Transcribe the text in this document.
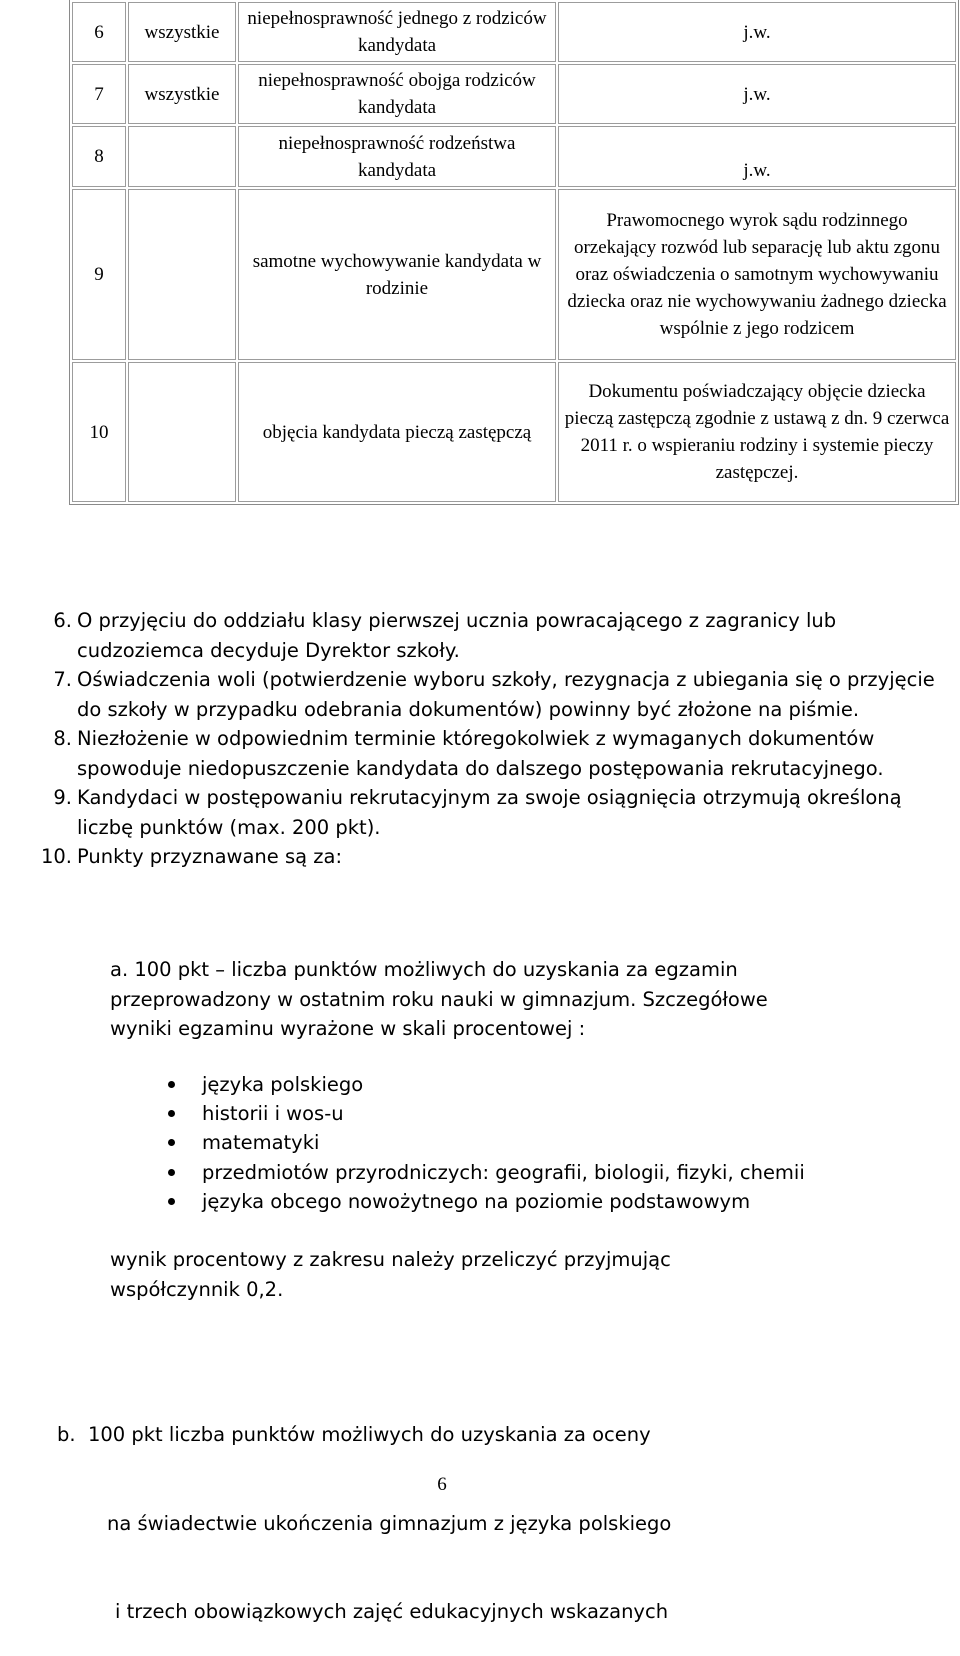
6	wszystkie	niepełnosprawność jednego z rodziców kandydata	j.w.
7	wszystkie	niepełnosprawność obojga rodziców kandydata	j.w.
8		niepełnosprawność rodzeństwa kandydata	j.w.
9		samotne wychowywanie kandydata w rodzinie	Prawomocnego wyrok sądu rodzinnego orzekający rozwód lub separację lub aktu zgonu oraz oświadczenia o samotnym wychowywaniu dziecka oraz nie wychowywaniu żadnego dziecka wspólnie z jego rodzicem
10		objęcia kandydata pieczą zastępczą	Dokumentu poświadczający objęcie dziecka pieczą zastępczą zgodnie z ustawą z dn. 9 czerwca 2011 r. o wspieraniu rodziny i systemie pieczy zastępczej.
6. O przyjęciu do oddziału klasy pierwszej ucznia powracającego z zagranicy lub cudzoziemca decyduje Dyrektor szkoły.
7. Oświadczenia woli (potwierdzenie wyboru szkoły, rezygnacja z ubiegania się o przyjęcie do szkoły w przypadku odebrania dokumentów) powinny być złożone na piśmie.
8. Niezłożenie w odpowiednim terminie któregokolwiek z wymaganych dokumentów spowoduje niedopuszczenie kandydata do dalszego postępowania rekrutacyjnego.
9. Kandydaci w postępowaniu rekrutacyjnym za swoje osiągnięcia otrzymują określoną liczbę punktów (max. 200 pkt).
10. Punkty przyznawane są za:
a. 100 pkt – liczba punktów możliwych do uzyskania za egzamin
przeprowadzony w ostatnim roku nauki w gimnazjum. Szczegółowe
wyniki egzaminu wyrażone w skali procentowej :
języka polskiego
historii i wos-u
matematyki
przedmiotów przyrodniczych: geografii, biologii, fizyki, chemii
języka obcego nowożytnego na poziomie podstawowym
wynik procentowy z zakresu należy przeliczyć przyjmując
współczynnik 0,2.

b.  100 pkt liczba punktów możliwych do uzyskania za oceny

na świadectwie ukończenia gimnazjum z języka polskiego

i trzech obowiązkowych zajęć edukacyjnych wskazanych

6
